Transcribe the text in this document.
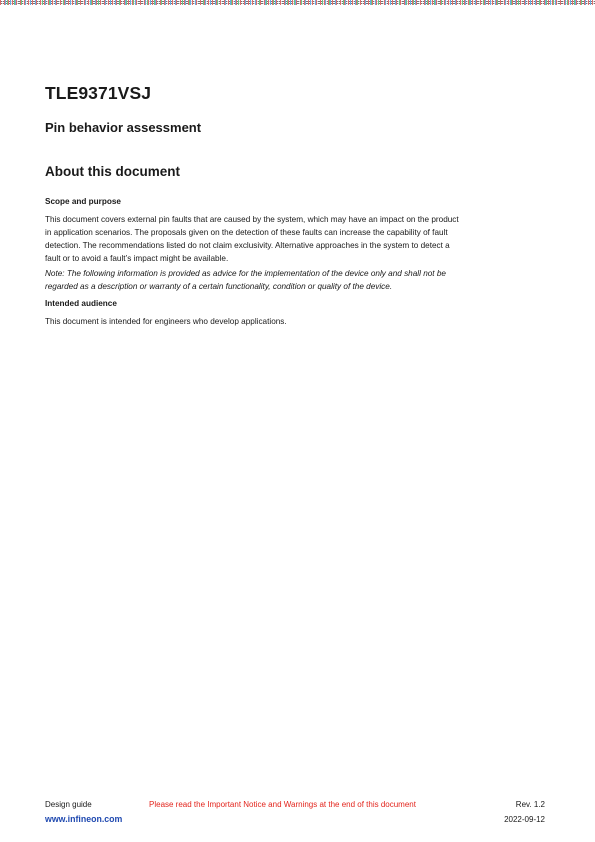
TLE9371VSJ
Pin behavior assessment
About this document

Scope and purpose

This document covers external pin faults that are caused by the system, which may have an impact on the product
in application scenarios. The proposals given on the detection of these faults can increase the capability of fault
detection. The recommendations listed do not claim exclusivity. Alternative approaches in the system to detect a
fault or to avoid a fault’s impact might be available.

Note: The following information is provided as advice for the implementation of the device only and shall not be
regarded as a description or warranty of a certain functionality, condition or quality of the device.

Intended audience

This document is intended for engineers who develop applications.

Design guide	Please read the Important Notice and Warnings at the end of this document	Rev. 1.2
www.infineon.com	2022-09-12
